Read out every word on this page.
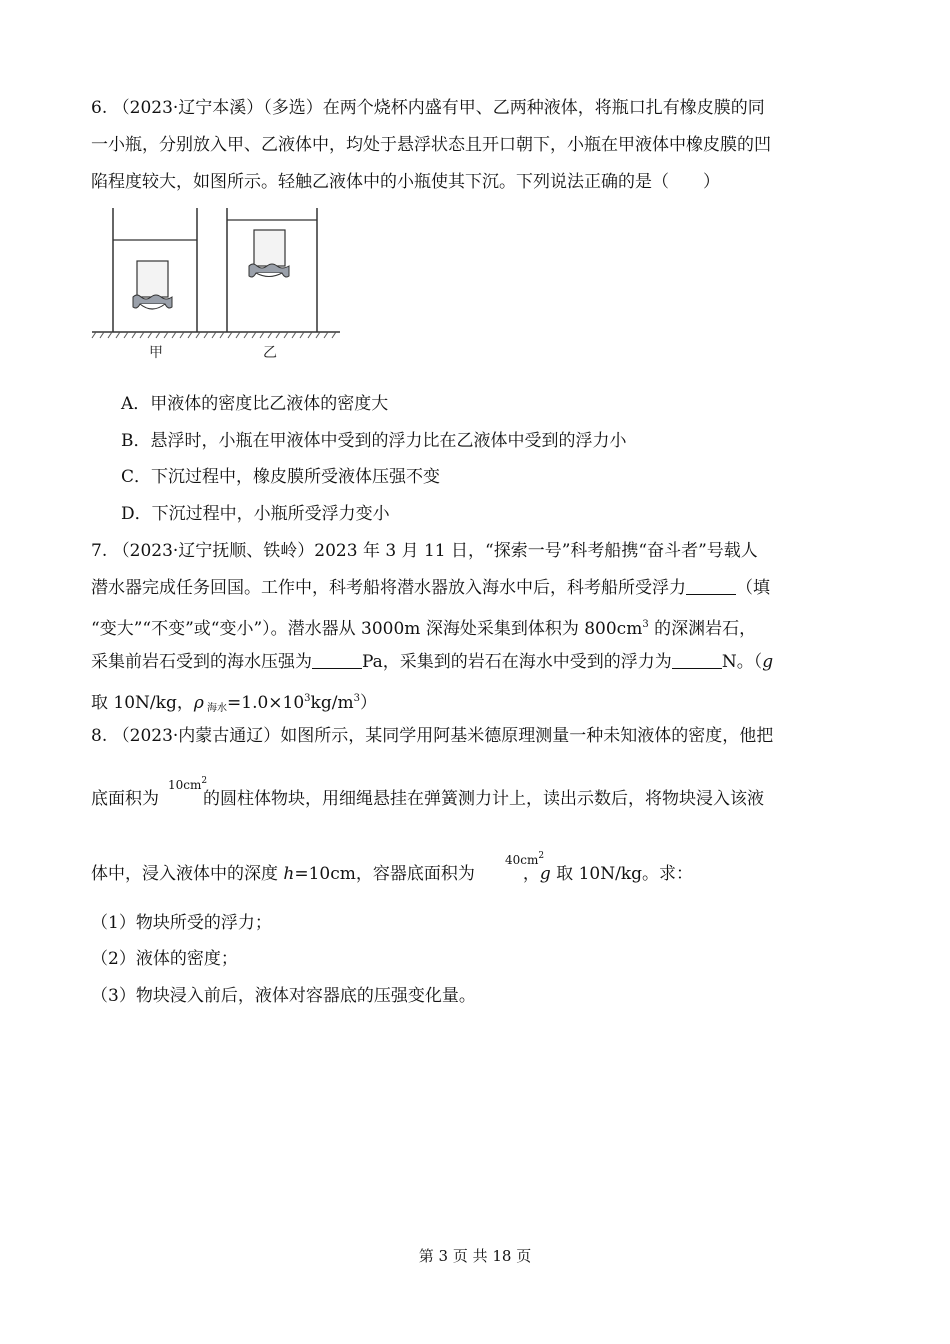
6. （2023·辽宁本溪）（多选）在两个烧杯内盛有甲、乙两种液体，将瓶口扎有橡皮膜的同
一小瓶，分别放入甲、乙液体中，均处于悬浮状态且开口朝下，小瓶在甲液体中橡皮膜的凹
陷程度较大，如图所示。轻触乙液体中的小瓶使其下沉。下列说法正确的是（　　）
甲	乙
A．甲液体的密度比乙液体的密度大
B．悬浮时，小瓶在甲液体中受到的浮力比在乙液体中受到的浮力小
C．下沉过程中，橡皮膜所受液体压强不变
D．下沉过程中，小瓶所受浮力变小
7. （2023·辽宁抚顺、铁岭）2023 年 3 月 11 日，“探索一号”科考船携“奋斗者”号载人
潜水器完成任务回国。工作中，科考船将潜水器放入海水中后，科考船所受浮力	（填
“变大”“不变”或“变小”）。潜水器从 3000m 深海处采集到体积为 $800cm^3$ 的深渊岩石，
采集前岩石受到的海水压强为	Pa，采集到的岩石在海水中受到的浮力为	N。（g
取 10N/kg，ρ $_{海水}=1.0\times 10^3kg/m^3$）
8. （2023·内蒙古通辽）如图所示，某同学用阿基米德原理测量一种未知液体的密度，他把
$10cm^2$
底面积为	的圆柱体物块，用细绳悬挂在弹簧测力计上，读出示数后，将物块浸入该液
$40cm^2$
体中，浸入液体中的深度 h=10cm，容器底面积为	，g 取 10N/kg。求：
（1）物块所受的浮力；
（2）液体的密度；
（3）物块浸入前后，液体对容器底的压强变化量。
第 3 页 共 18 页
